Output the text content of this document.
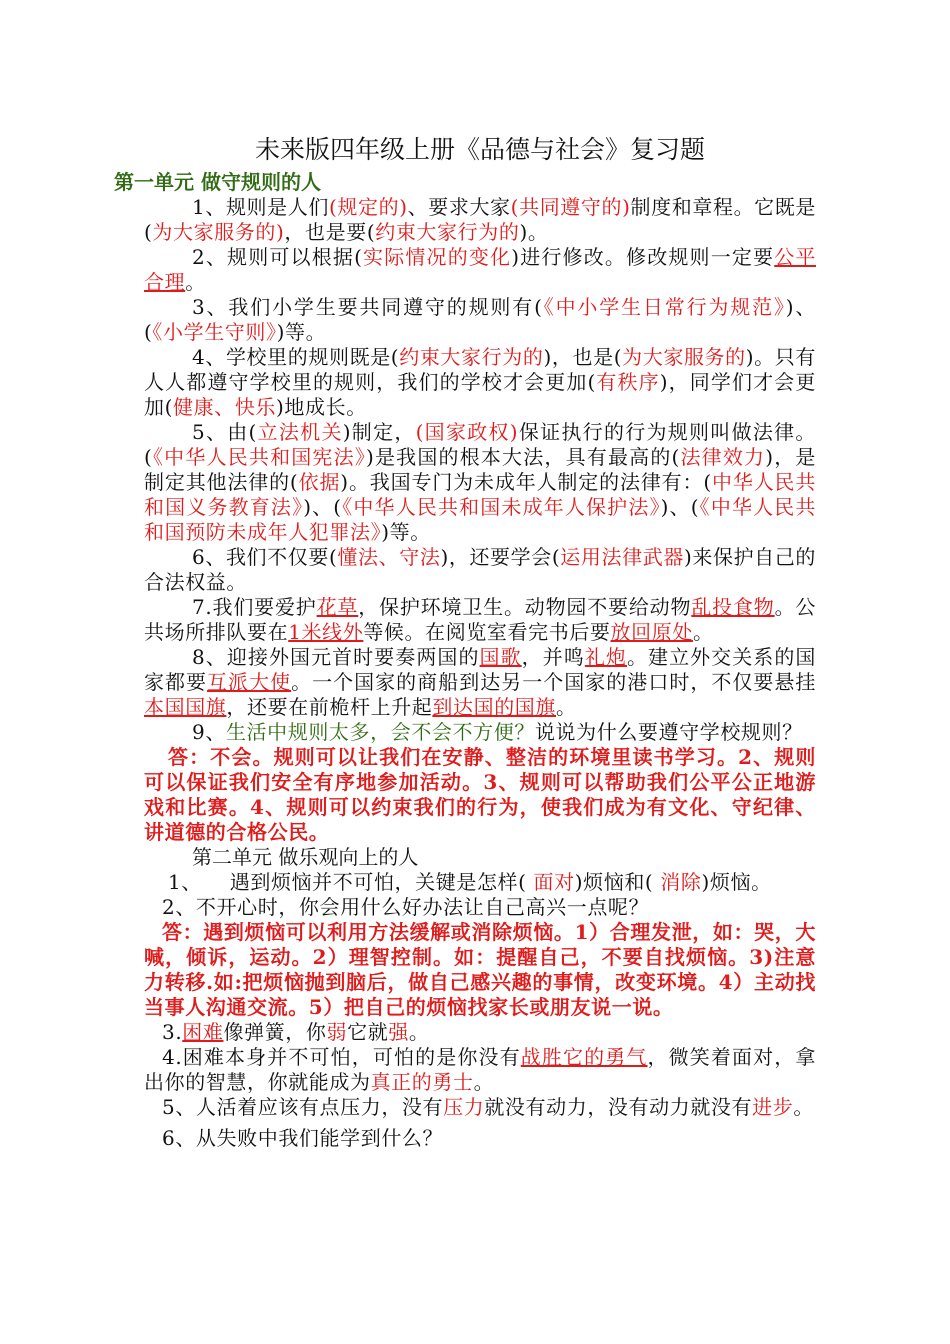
未来版四年级上册《品德与社会》复习题
第一单元 做守规则的人

1、规则是人们(规定的)、要求大家(共同遵守的)制度和章程。它既是(为大家服务的)，也是要(约束大家行为的)。

2、规则可以根据(实际情况的变化)进行修改。修改规则一定要公平合理。

3、我们小学生要共同遵守的规则有(《中小学生日常行为规范》)、(《小学生守则》)等。

4、学校里的规则既是(约束大家行为的)，也是(为大家服务的)。只有人人都遵守学校里的规则，我们的学校才会更加(有秩序)，同学们才会更加(健康、快乐)地成长。

5、由(立法机关)制定，(国家政权)保证执行的行为规则叫做法律。(《中华人民共和国宪法》)是我国的根本大法，具有最高的(法律效力)，是制定其他法律的(依据)。我国专门为未成年人制定的法律有：(中华人民共和国义务教育法》)、(《中华人民共和国未成年人保护法》)、(《中华人民共和国预防未成年人犯罪法》)等。

6、我们不仅要(懂法、守法)，还要学会(运用法律武器)来保护自己的合法权益。

7.我们要爱护花草，保护环境卫生。动物园不要给动物乱投食物。公共场所排队要在1米线外等候。在阅览室看完书后要放回原处。

8、迎接外国元首时要奏两国的国歌，并鸣礼炮。建立外交关系的国家都要互派大使。一个国家的商船到达另一个国家的港口时，不仅要悬挂本国国旗，还要在前桅杆上升起到达国的国旗。

9、生活中规则太多，会不会不方便？说说为什么要遵守学校规则？

答：不会。规则可以让我们在安静、整洁的环境里读书学习。2、规则可以保证我们安全有序地参加活动。3、规则可以帮助我们公平公正地游戏和比赛。4、规则可以约束我们的行为，使我们成为有文化、守纪律、讲道德的合格公民。

第二单元 做乐观向上的人

1、    遇到烦恼并不可怕，关键是怎样( 面对)烦恼和( 消除)烦恼。

2、不开心时，你会用什么好办法让自己高兴一点呢？

答：遇到烦恼可以利用方法缓解或消除烦恼。1）合理发泄，如：哭，大喊，倾诉，运动。2）理智控制。如：提醒自己，不要自找烦恼。3)注意力转移.如:把烦恼抛到脑后，做自己感兴趣的事情，改变环境。4）主动找当事人沟通交流。5）把自己的烦恼找家长或朋友说一说。

3.困难像弹簧，你弱它就强。

4.困难本身并不可怕，可怕的是你没有战胜它的勇气，微笑着面对，拿出你的智慧，你就能成为真正的勇士。

5、人活着应该有点压力，没有压力就没有动力，没有动力就没有进步。

6、从失败中我们能学到什么？
